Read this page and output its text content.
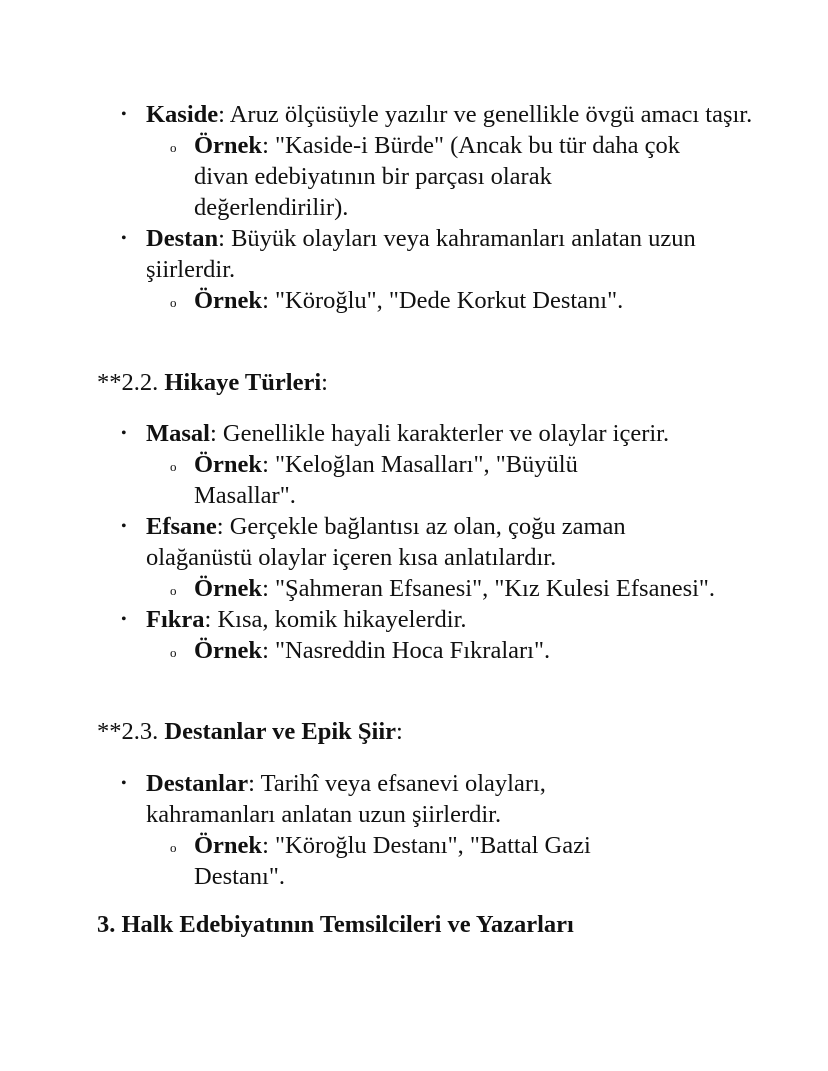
• Kaside: Aruz ölçüsüyle yazılır ve genellikle övgü amacı taşır.
o Örnek: "Kaside-i Bürde" (Ancak bu tür daha çok divan edebiyatının bir parçası olarak değerlendirilir).
• Destan: Büyük olayları veya kahramanları anlatan uzun şiirlerdir.
o Örnek: "Köroğlu", "Dede Korkut Destanı".
**2.2. Hikaye Türleri:
• Masal: Genellikle hayali karakterler ve olaylar içerir.
o Örnek: "Keloğlan Masalları", "Büyülü Masallar".
• Efsane: Gerçekle bağlantısı az olan, çoğu zaman olağanüstü olaylar içeren kısa anlatılardır.
o Örnek: "Şahmeran Efsanesi", "Kız Kulesi Efsanesi".
• Fıkra: Kısa, komik hikayelerdir.
o Örnek: "Nasreddin Hoca Fıkraları".
**2.3. Destanlar ve Epik Şiir:
• Destanlar: Tarihî veya efsanevi olayları, kahramanları anlatan uzun şiirlerdir.
o Örnek: "Köroğlu Destanı", "Battal Gazi Destanı".
3. Halk Edebiyatının Temsilcileri ve Yazarları
